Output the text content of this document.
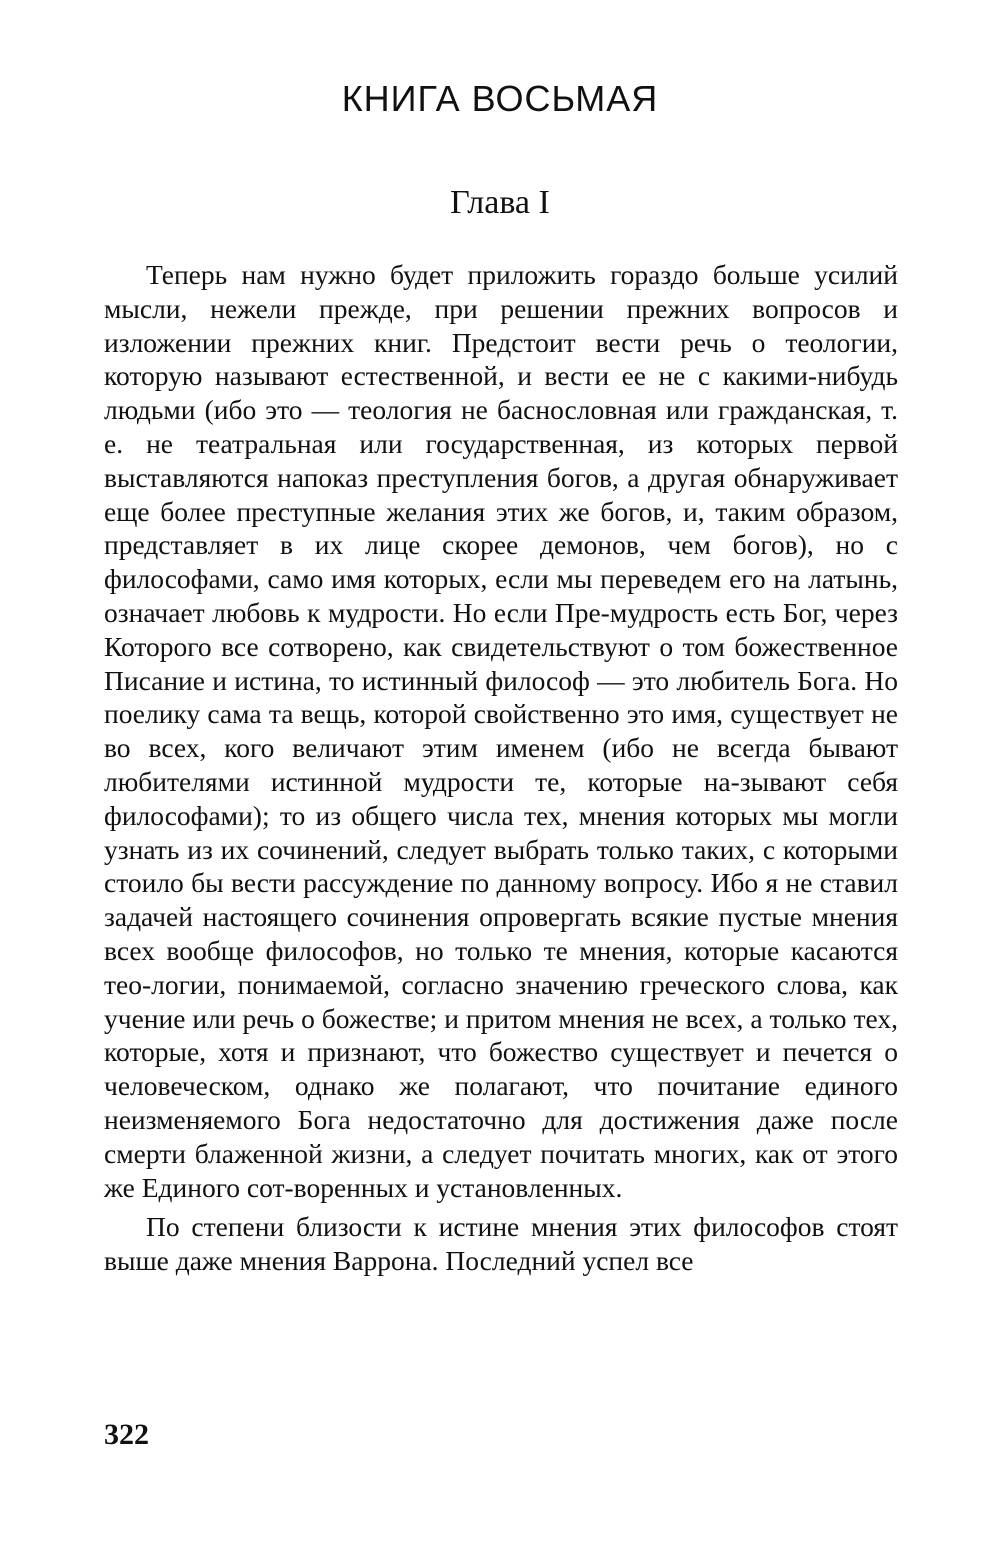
КНИГА ВОСЬМАЯ
Глава I

Теперь нам нужно будет приложить гораздо больше усилий мысли, нежели прежде, при решении прежних вопросов и изложении прежних книг. Предстоит вести речь о теологии, которую называют естественной, и вести ее не с какими-нибудь людьми (ибо это — теология не баснословная или гражданская, т. е. не театральная или государственная, из которых первой выставляются напоказ преступления богов, а другая обнаруживает еще более преступные желания этих же богов, и, таким образом, представляет в их лице скорее демонов, чем богов), но с философами, само имя которых, если мы переведем его на латынь, означает любовь к мудрости. Но если Пре-мудрость есть Бог, через Которого все сотворено, как свидетельствуют о том божественное Писание и истина, то истинный философ — это любитель Бога. Но поелику сама та вещь, которой свойственно это имя, существует не во всех, кого величают этим именем (ибо не всегда бывают любителями истинной мудрости те, которые на-зывают себя философами); то из общего числа тех, мнения которых мы могли узнать из их сочинений, следует выбрать только таких, с которыми стоило бы вести рассуждение по данному вопросу. Ибо я не ставил задачей настоящего сочинения опровергать всякие пустые мнения всех вообще философов, но только те мнения, которые касаются тео-логии, понимаемой, согласно значению греческого слова, как учение или речь о божестве; и притом мнения не всех, а только тех, которые, хотя и признают, что божество существует и печется о человеческом, однако же полагают, что почитание единого неизменяемого Бога недостаточно для достижения даже после смерти блаженной жизни, а следует почитать многих, как от этого же Единого сот-воренных и установленных.

По степени близости к истине мнения этих философов стоят выше даже мнения Варрона. Последний успел все

322
